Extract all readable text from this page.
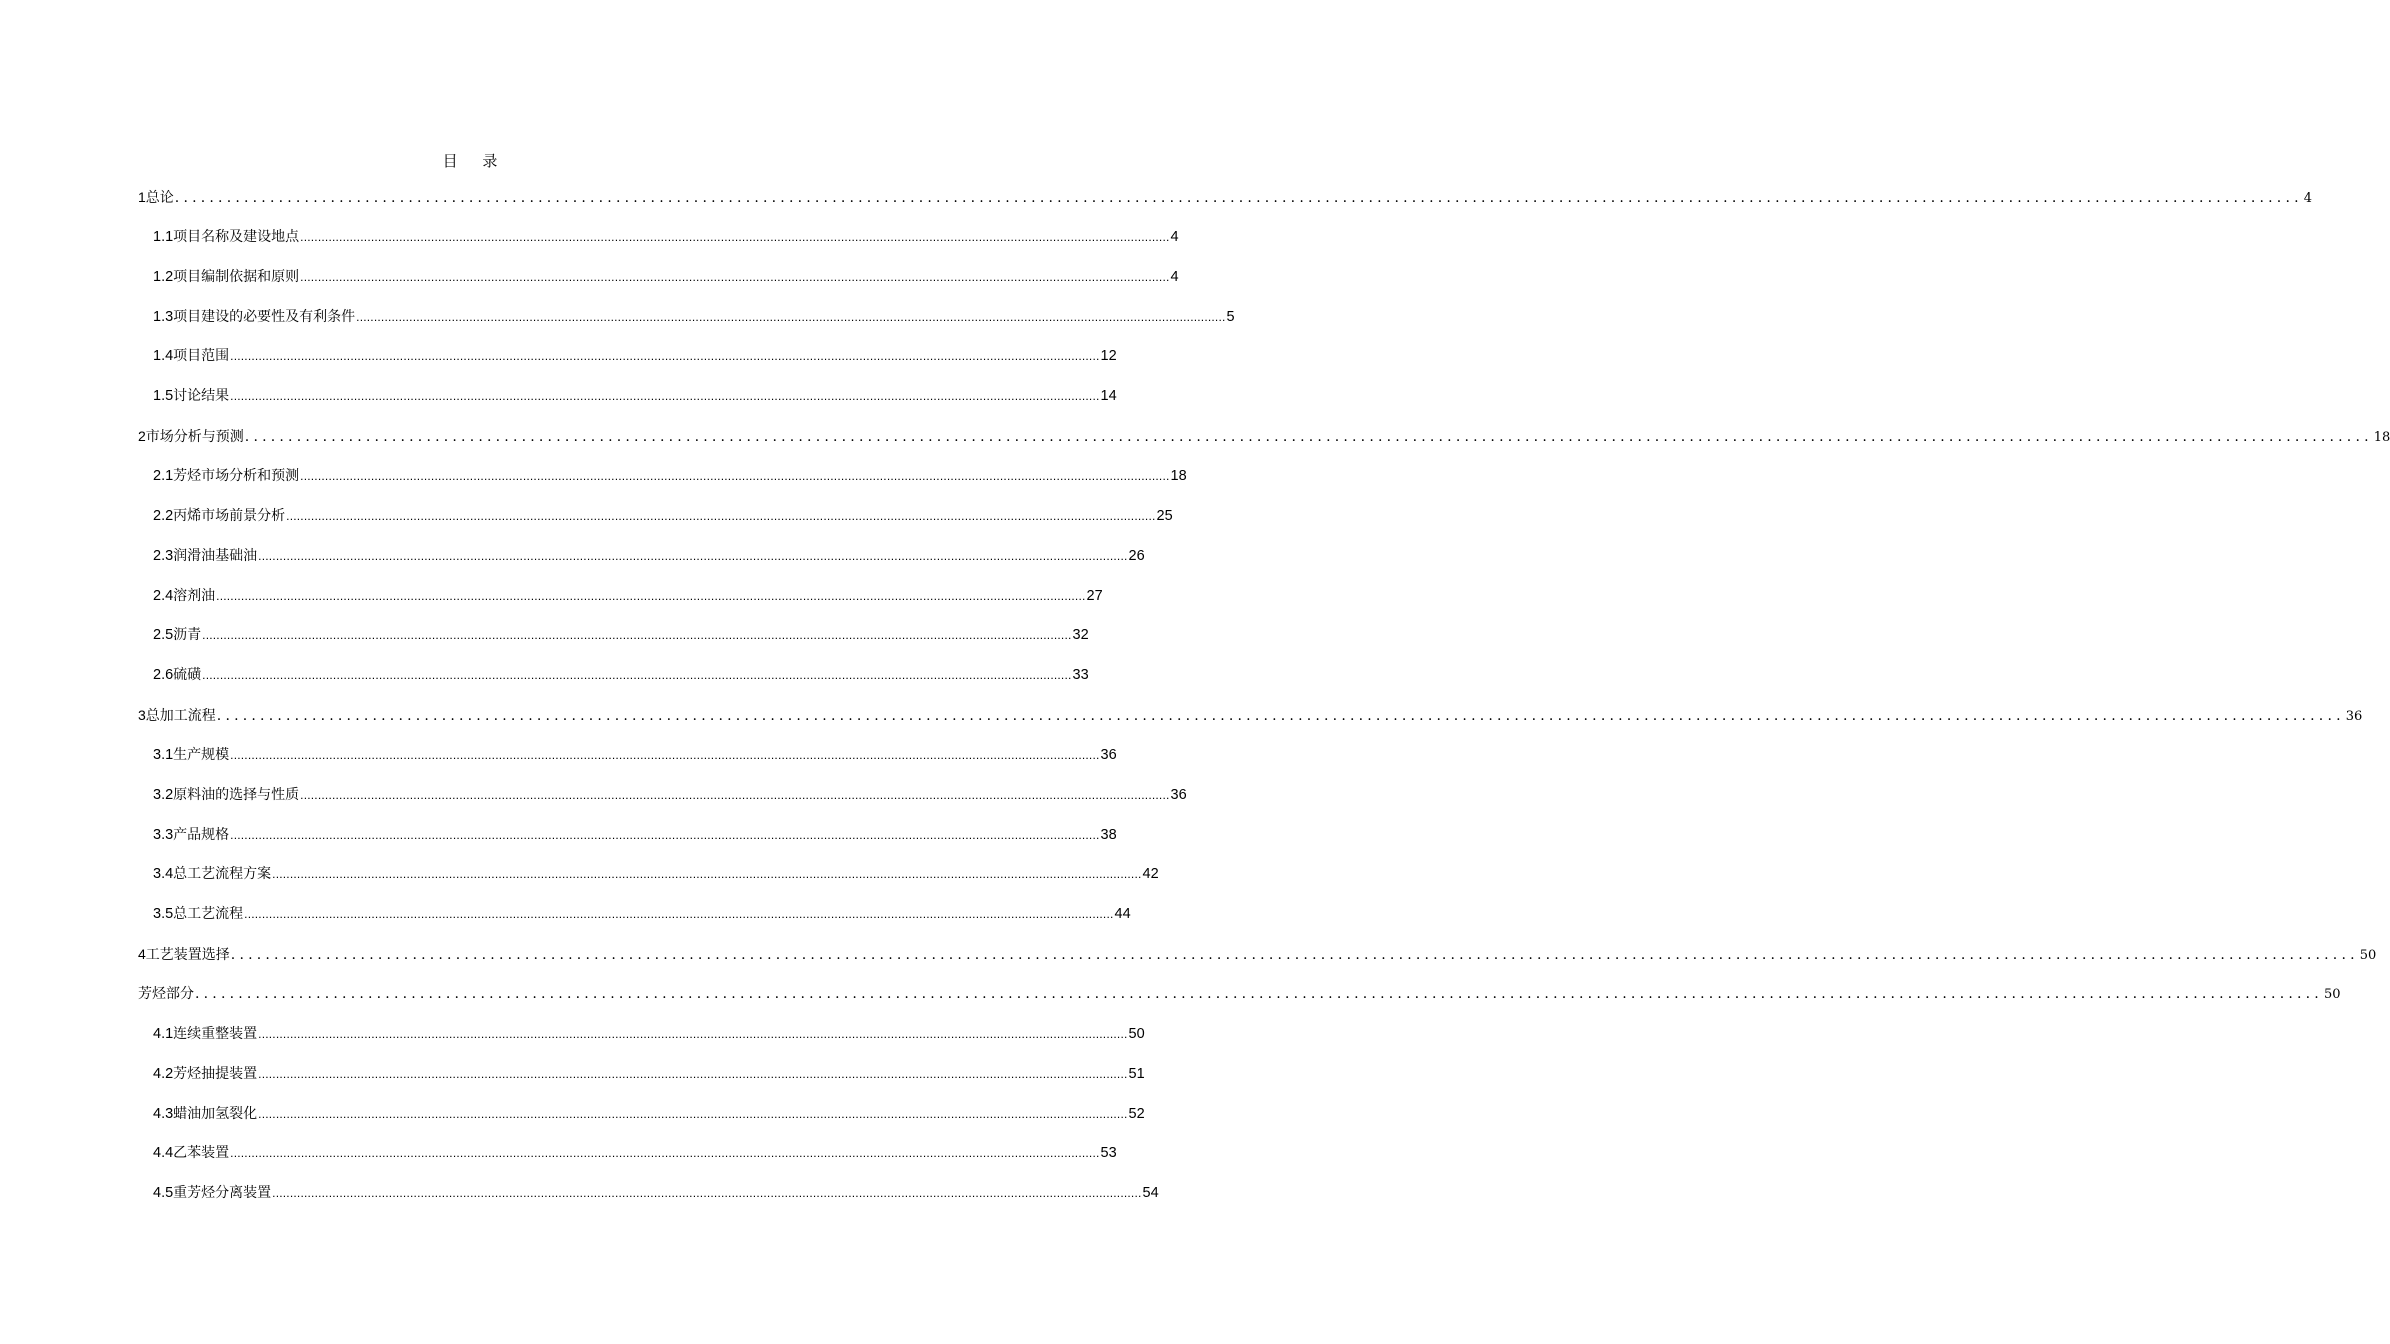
目 录
1 总论 ...................................................................................................................................................................................................................................................... 4
1.1 项目名称及建设地点 ...................................................................................................................................................................................................................................................... 4
1.2 项目编制依据和原则 ...................................................................................................................................................................................................................................................... 4
1.3 项目建设的必要性及有利条件 ...................................................................................................................................................................................................................................................... 5
1.4 项目范围 ...................................................................................................................................................................................................................................................... 12
1.5 讨论结果 ...................................................................................................................................................................................................................................................... 14
2 市场分析与预测 ...................................................................................................................................................................................................................................................... 18
2.1 芳烃市场分析和预测 ...................................................................................................................................................................................................................................................... 18
2.2 丙烯市场前景分析 ...................................................................................................................................................................................................................................................... 25
2.3 润滑油基础油 ...................................................................................................................................................................................................................................................... 26
2.4 溶剂油 ...................................................................................................................................................................................................................................................... 27
2.5 沥青 ...................................................................................................................................................................................................................................................... 32
2.6 硫磺 ...................................................................................................................................................................................................................................................... 33
3 总加工流程 ...................................................................................................................................................................................................................................................... 36
3.1 生产规模 ...................................................................................................................................................................................................................................................... 36
3.2 原料油的选择与性质 ...................................................................................................................................................................................................................................................... 36
3.3 产品规格 ...................................................................................................................................................................................................................................................... 38
3.4 总工艺流程方案 ...................................................................................................................................................................................................................................................... 42
3.5 总工艺流程 ...................................................................................................................................................................................................................................................... 44
4 工艺装置选择 ...................................................................................................................................................................................................................................................... 50
芳烃部分 ...................................................................................................................................................................................................................................................... 50
4.1 连续重整装置 ...................................................................................................................................................................................................................................................... 50
4.2 芳烃抽提装置 ...................................................................................................................................................................................................................................................... 51
4.3 蜡油加氢裂化 ...................................................................................................................................................................................................................................................... 52
4.4 乙苯装置 ...................................................................................................................................................................................................................................................... 53
4.5 重芳烃分离装置 ...................................................................................................................................................................................................................................................... 54
